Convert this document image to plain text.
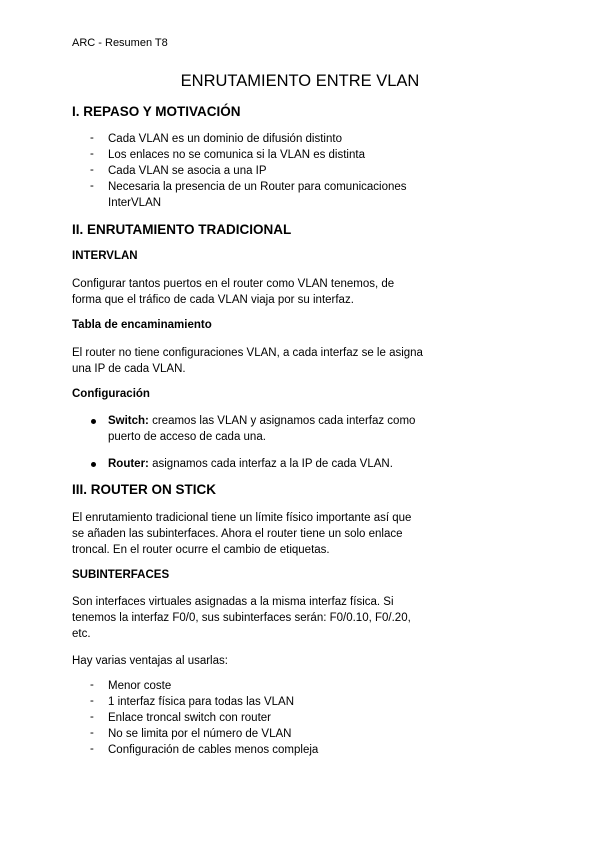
ARC - Resumen T8
ENRUTAMIENTO ENTRE VLAN
I. REPASO Y MOTIVACIÓN
- Cada VLAN es un dominio de difusión distinto
- Los enlaces no se comunica si la VLAN es distinta
- Cada VLAN se asocia a una IP
- Necesaria la presencia de un Router para comunicaciones
InterVLAN
II. ENRUTAMIENTO TRADICIONAL
INTERVLAN
Configurar tantos puertos en el router como VLAN tenemos, de
forma que el tráfico de cada VLAN viaja por su interfaz.
Tabla de encaminamiento
El router no tiene configuraciones VLAN, a cada interfaz se le asigna
una IP de cada VLAN.
Configuración
Switch: creamos las VLAN y asignamos cada interfaz como
puerto de acceso de cada una.
Router: asignamos cada interfaz a la IP de cada VLAN.
III. ROUTER ON STICK
El enrutamiento tradicional tiene un límite físico importante así que
se añaden las subinterfaces. Ahora el router tiene un solo enlace
troncal. En el router ocurre el cambio de etiquetas.
SUBINTERFACES
Son interfaces virtuales asignadas a la misma interfaz física. Si
tenemos la interfaz F0/0, sus subinterfaces serán: F0/0.10, F0/.20,
etc.
Hay varias ventajas al usarlas:
- Menor coste
- 1 interfaz física para todas las VLAN
- Enlace troncal switch con router
- No se limita por el número de VLAN
- Configuración de cables menos compleja
